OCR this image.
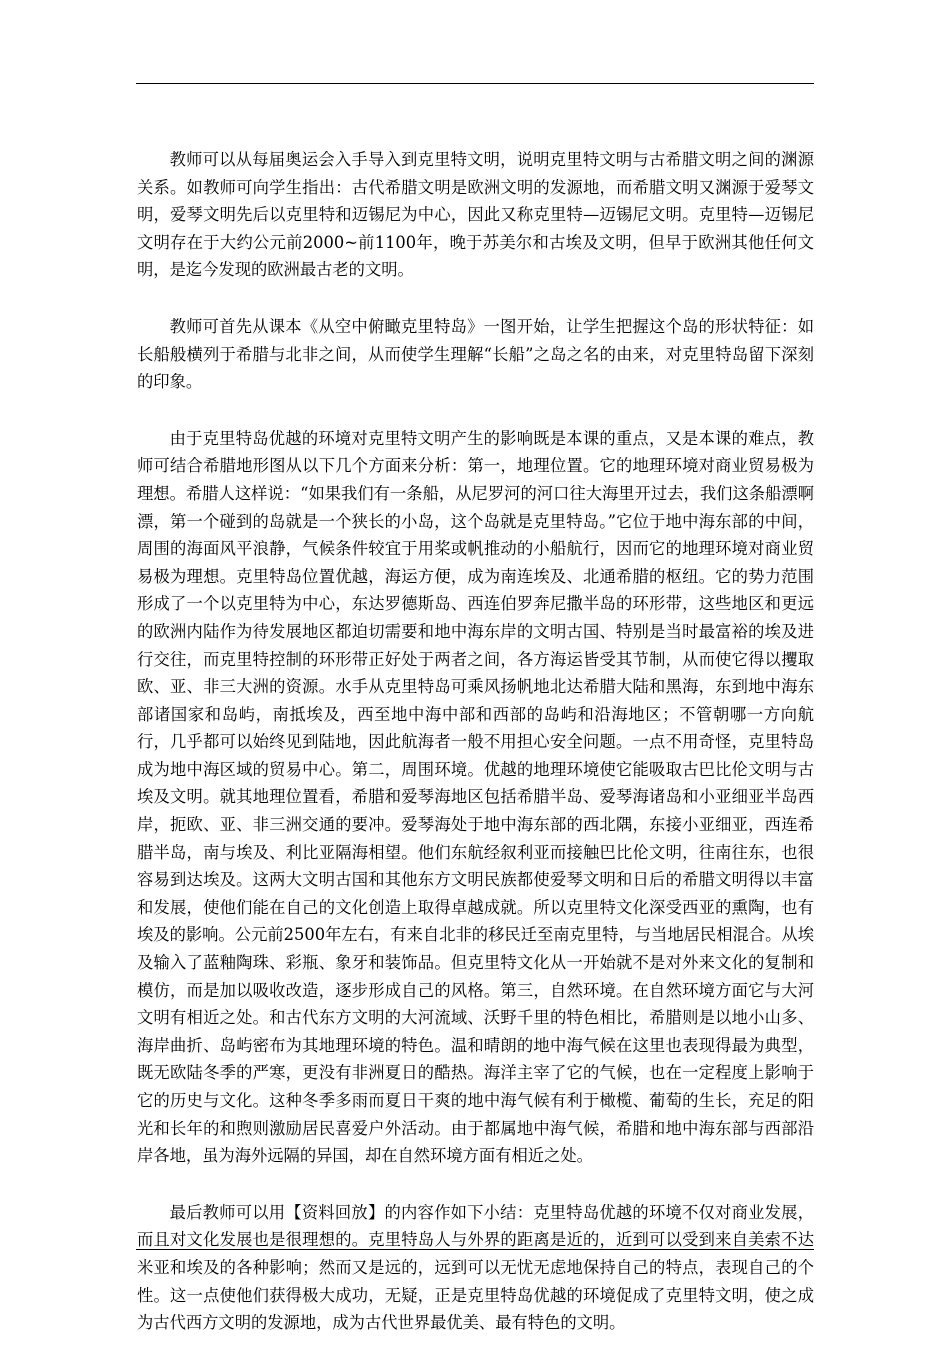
教师可以从每届奥运会入手导入到克里特文明，说明克里特文明与古希腊文明之间的渊源关系。如教师可向学生指出：古代希腊文明是欧洲文明的发源地，而希腊文明又渊源于爱琴文明，爱琴文明先后以克里特和迈锡尼为中心，因此又称克里特—迈锡尼文明。克里特—迈锡尼文明存在于大约公元前2000~前1100年，晚于苏美尔和古埃及文明，但早于欧洲其他任何文明，是迄今发现的欧洲最古老的文明。

教师可首先从课本《从空中俯瞰克里特岛》一图开始，让学生把握这个岛的形状特征：如长船般横列于希腊与北非之间，从而使学生理解“长船”之岛之名的由来，对克里特岛留下深刻的印象。

由于克里特岛优越的环境对克里特文明产生的影响既是本课的重点，又是本课的难点，教师可结合希腊地形图从以下几个方面来分析：第一，地理位置。它的地理环境对商业贸易极为理想。希腊人这样说：“如果我们有一条船，从尼罗河的河口往大海里开过去，我们这条船漂啊漂，第一个碰到的岛就是一个狭长的小岛，这个岛就是克里特岛。”它位于地中海东部的中间，周围的海面风平浪静，气候条件较宜于用桨或帆推动的小船航行，因而它的地理环境对商业贸易极为理想。克里特岛位置优越，海运方便，成为南连埃及、北通希腊的枢纽。它的势力范围形成了一个以克里特为中心，东达罗德斯岛、西连伯罗奔尼撒半岛的环形带，这些地区和更远的欧洲内陆作为待发展地区都迫切需要和地中海东岸的文明古国、特别是当时最富裕的埃及进行交往，而克里特控制的环形带正好处于两者之间，各方海运皆受其节制，从而使它得以攫取欧、亚、非三大洲的资源。水手从克里特岛可乘风扬帆地北达希腊大陆和黑海，东到地中海东部诸国家和岛屿，南抵埃及，西至地中海中部和西部的岛屿和沿海地区；不管朝哪一方向航行，几乎都可以始终见到陆地，因此航海者一般不用担心安全问题。一点不用奇怪，克里特岛成为地中海区域的贸易中心。第二，周围环境。优越的地理环境使它能吸取古巴比伦文明与古埃及文明。就其地理位置看，希腊和爱琴海地区包括希腊半岛、爱琴海诸岛和小亚细亚半岛西岸，扼欧、亚、非三洲交通的要冲。爱琴海处于地中海东部的西北隅，东接小亚细亚，西连希腊半岛，南与埃及、利比亚隔海相望。他们东航经叙利亚而接触巴比伦文明，往南往东，也很容易到达埃及。这两大文明古国和其他东方文明民族都使爱琴文明和日后的希腊文明得以丰富和发展，使他们能在自己的文化创造上取得卓越成就。所以克里特文化深受西亚的熏陶，也有埃及的影响。公元前2500年左右，有来自北非的移民迁至南克里特，与当地居民相混合。从埃及输入了蓝釉陶珠、彩瓶、象牙和装饰品。但克里特文化从一开始就不是对外来文化的复制和模仿，而是加以吸收改造，逐步形成自己的风格。第三，自然环境。在自然环境方面它与大河文明有相近之处。和古代东方文明的大河流域、沃野千里的特色相比，希腊则是以地小山多、海岸曲折、岛屿密布为其地理环境的特色。温和晴朗的地中海气候在这里也表现得最为典型，既无欧陆冬季的严寒，更没有非洲夏日的酷热。海洋主宰了它的气候，也在一定程度上影响于它的历史与文化。这种冬季多雨而夏日干爽的地中海气候有利于橄榄、葡萄的生长，充足的阳光和长年的和煦则激励居民喜爱户外活动。由于都属地中海气候，希腊和地中海东部与西部沿岸各地，虽为海外远隔的异国，却在自然环境方面有相近之处。

最后教师可以用【资料回放】的内容作如下小结：克里特岛优越的环境不仅对商业发展，而且对文化发展也是很理想的。克里特岛人与外界的距离是近的，近到可以受到来自美索不达米亚和埃及的各种影响；然而又是远的，远到可以无忧无虑地保持自己的特点，表现自己的个性。这一点使他们获得极大成功，无疑，正是克里特岛优越的环境促成了克里特文明，使之成为古代西方文明的发源地，成为古代世界最优美、最有特色的文明。
